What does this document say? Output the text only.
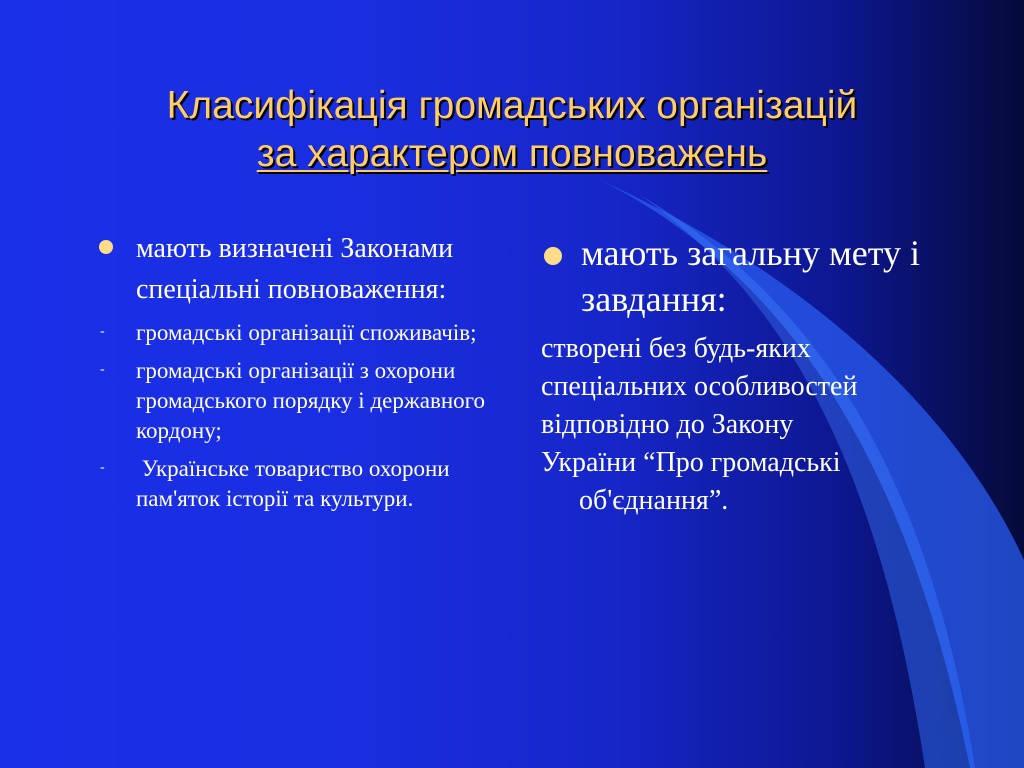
Класифікація громадських організацій
за характером повноважень
мають визначені Законами спеціальні повноваження:
- громадські організації споживачів;
- громадські організації з охорони громадського порядку і державного кордону;
- Українське товариство охорони пам'яток історії та культури.
мають загальну мету і завдання:
створені без будь-яких
спеціальних особливостей
відповідно до Закону
України “Про громадські
об'єднання”.
